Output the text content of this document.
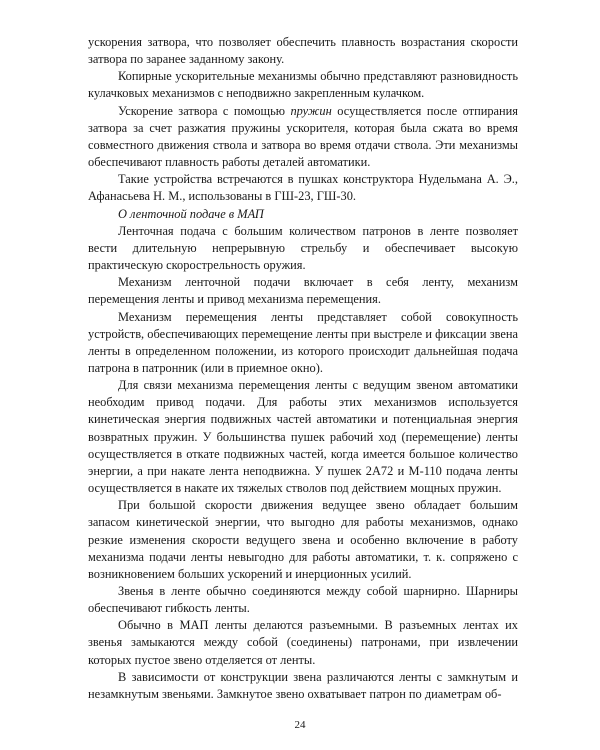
ускорения затвора, что позволяет обеспечить плавность возрастания скорости затвора по заранее заданному закону.

Копирные ускорительные механизмы обычно представляют разновидность кулачковых механизмов с неподвижно закрепленным кулачком.

Ускорение затвора с помощью пружин осуществляется после отпирания затвора за счет разжатия пружины ускорителя, которая была сжата во время совместного движения ствола и затвора во время отдачи ствола. Эти механизмы обеспечивают плавность работы деталей автоматики.

Такие устройства встречаются в пушках конструктора Нудельмана А. Э., Афанасьева Н. М., использованы в ГШ-23, ГШ-30.

О ленточной подаче в МАП

Ленточная подача с большим количеством патронов в ленте позволяет вести длительную непрерывную стрельбу и обеспечивает высокую практическую скорострельность оружия.

Механизм ленточной подачи включает в себя ленту, механизм перемещения ленты и привод механизма перемещения.

Механизм перемещения ленты представляет собой совокупность устройств, обеспечивающих перемещение ленты при выстреле и фиксации звена ленты в определенном положении, из которого происходит дальнейшая подача патрона в патронник (или в приемное окно).

Для связи механизма перемещения ленты с ведущим звеном автоматики необходим привод подачи. Для работы этих механизмов используется кинетическая энергия подвижных частей автоматики и потенциальная энергия возвратных пружин. У большинства пушек рабочий ход (перемещение) ленты осуществляется в откате подвижных частей, когда имеется большое количество энергии, а при накате лента неподвижна. У пушек 2А72 и М-110 подача ленты осуществляется в накате их тяжелых стволов под действием мощных пружин.

При большой скорости движения ведущее звено обладает большим запасом кинетической энергии, что выгодно для работы механизмов, однако резкие изменения скорости ведущего звена и особенно включение в работу механизма подачи ленты невыгодно для работы автоматики, т. к. сопряжено с возникновением больших ускорений и инерционных усилий.

Звенья в ленте обычно соединяются между собой шарнирно. Шарниры обеспечивают гибкость ленты.

Обычно в МАП ленты делаются разъемными. В разъемных лентах их звенья замыкаются между собой (соединены) патронами, при извлечении которых пустое звено отделяется от ленты.

В зависимости от конструкции звена различаются ленты с замкнутым и незамкнутым звеньями. Замкнутое звено охватывает патрон по диаметрам об-

24
